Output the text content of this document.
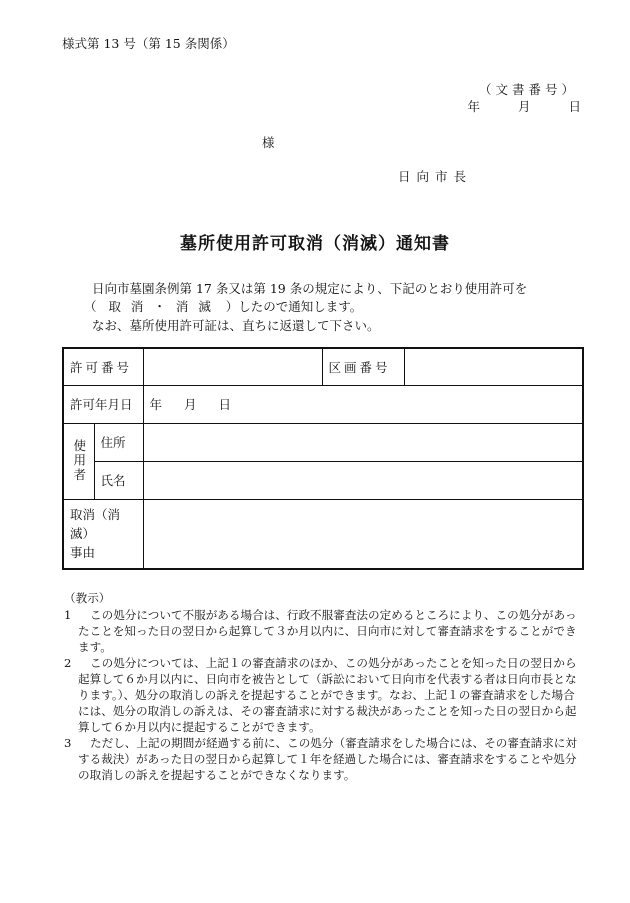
様式第 13 号（第 15 条関係）
（文書番号）
年	月	日
様
日向市長
墓所使用許可取消（消滅）通知書
日向市墓園条例第 17 条又は第 19 条の規定により、下記のとおり使用許可を
（ 取 消 ・ 消 滅 ）したので通知します。
なお、墓所使用許可証は、直ちに返還して下さい。
許可番号			区画番号	
許可年月日		年 月 日		

使用者	住所			
	氏名			

取消（消滅）
事由				

（教示）
1	この処分について不服がある場合は、行政不服審査法の定めるところにより、この処分があったことを知った日の翌日から起算して３か月以内に、日向市に対して審査請求をすることができます。
2	この処分については、上記１の審査請求のほか、この処分があったことを知った日の翌日から起算して６か月以内に、日向市を被告として（訴訟において日向市を代表する者は日向市長となります。）、処分の取消しの訴えを提起することができます。なお、上記１の審査請求をした場合には、処分の取消しの訴えは、その審査請求に対する裁決があったことを知った日の翌日から起算して６か月以内に提起することができます。
3	ただし、上記の期間が経過する前に、この処分（審査請求をした場合には、その審査請求に対する裁決）があった日の翌日から起算して１年を経過した場合には、審査請求をすることや処分の取消しの訴えを提起することができなくなります。
